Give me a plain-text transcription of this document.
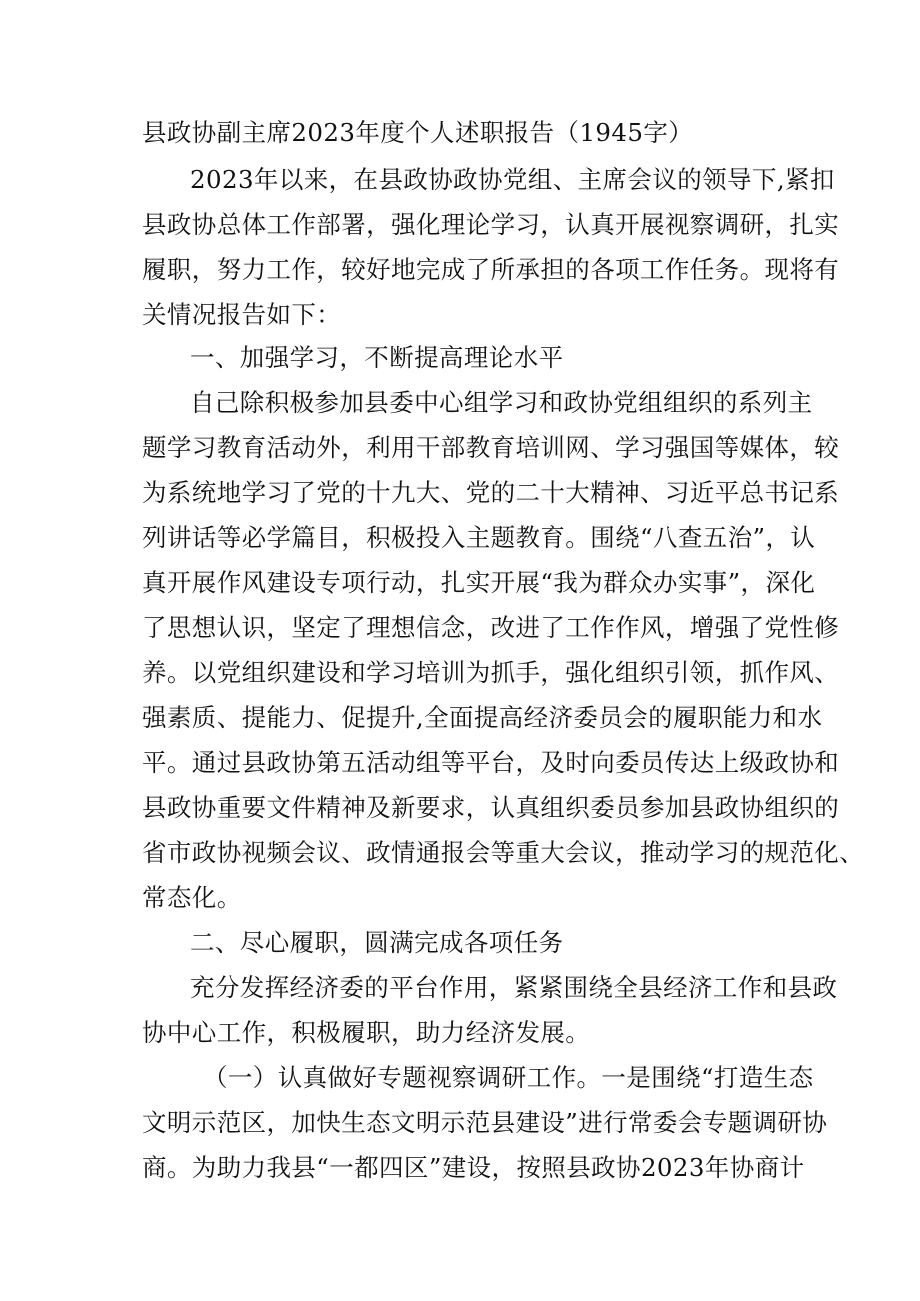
县政协副主席2023年度个人述职报告（1945字）
2023年以来，在县政协政协党组、主席会议的领导下,紧扣
县政协总体工作部署，强化理论学习，认真开展视察调研，扎实
履职，努力工作，较好地完成了所承担的各项工作任务。现将有
关情况报告如下：
一、加强学习，不断提高理论水平
自己除积极参加县委中心组学习和政协党组组织的系列主
题学习教育活动外，利用干部教育培训网、学习强国等媒体，较
为系统地学习了党的十九大、党的二十大精神、习近平总书记系
列讲话等必学篇目，积极投入主题教育。围绕“八查五治”，认
真开展作风建设专项行动，扎实开展“我为群众办实事”，深化
了思想认识，坚定了理想信念，改进了工作作风，增强了党性修
养。以党组织建设和学习培训为抓手，强化组织引领，抓作风、
强素质、提能力、促提升,全面提高经济委员会的履职能力和水
平。通过县政协第五活动组等平台，及时向委员传达上级政协和
县政协重要文件精神及新要求，认真组织委员参加县政协组织的
省市政协视频会议、政情通报会等重大会议，推动学习的规范化、
常态化。
二、尽心履职，圆满完成各项任务
充分发挥经济委的平台作用，紧紧围绕全县经济工作和县政
协中心工作，积极履职，助力经济发展。
（一）认真做好专题视察调研工作。一是围绕“打造生态
文明示范区，加快生态文明示范县建设”进行常委会专题调研协
商。为助力我县“一都四区”建设，按照县政协2023年协商计
